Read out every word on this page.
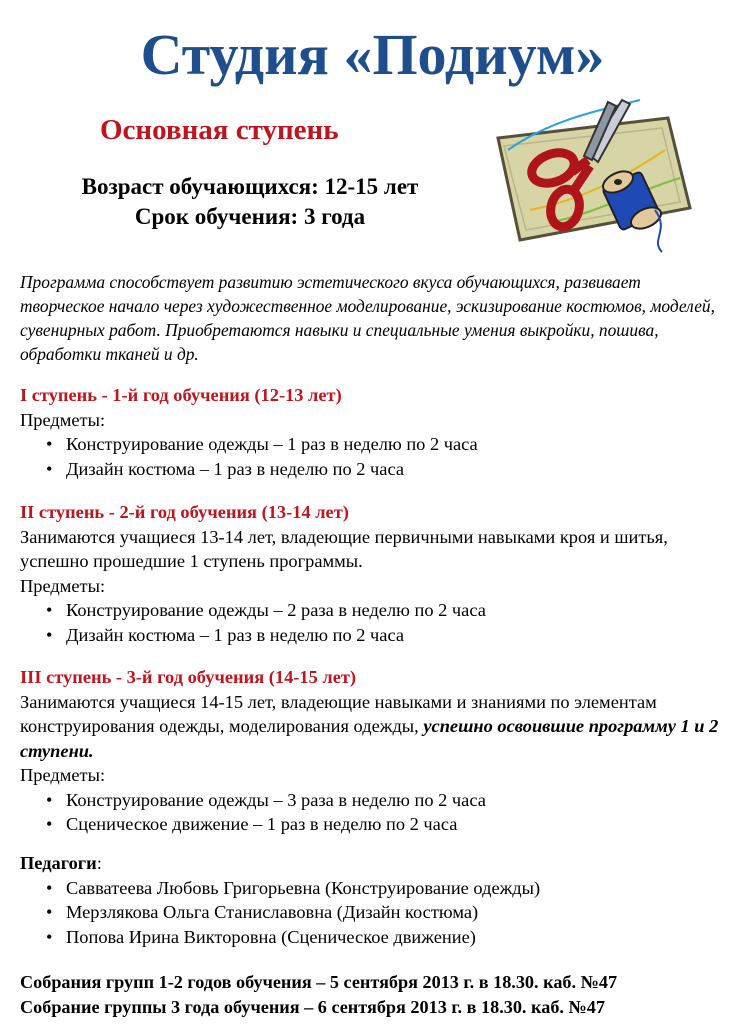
Студия «Подиум»
Основная ступень

Возраст обучающихся: 12-15 лет

Срок обучения: 3 года

Программа способствует развитию эстетического вкуса обучающихся, развивает творческое начало через художественное моделирование, эскизирование костюмов, моделей, сувенирных работ. Приобретаются навыки и специальные умения выкройки, пошива, обработки тканей и др.

I ступень - 1-й год обучения (12-13 лет)

Предметы:

• Конструирование одежды – 1 раз в неделю по 2 часа
• Дизайн костюма – 1 раз в неделю по 2 часа

II ступень - 2-й год обучения (13-14 лет)

Занимаются учащиеся 13-14 лет, владеющие первичными навыками кроя и шитья, успешно прошедшие 1 ступень программы.

Предметы:

• Конструирование одежды – 2 раза в неделю по 2 часа
• Дизайн костюма – 1 раз в неделю по 2 часа

III ступень - 3-й год обучения (14-15 лет)

Занимаются учащиеся 14-15 лет, владеющие навыками и знаниями по элементам конструирования одежды, моделирования одежды, успешно освоившие программу 1 и 2 ступени.

Предметы:

• Конструирование одежды – 3 раза в неделю по 2 часа
• Сценическое движение – 1 раз в неделю по 2 часа

Педагоги:

• Савватеева Любовь Григорьевна (Конструирование одежды)
• Мерзлякова Ольга Станиславовна (Дизайн костюма)
• Попова Ирина Викторовна (Сценическое движение)
Собрания групп 1-2 годов обучения – 5 сентября 2013 г. в 18.30. каб. №47
Собрание группы 3 года обучения – 6 сентября 2013 г. в 18.30. каб. №47
